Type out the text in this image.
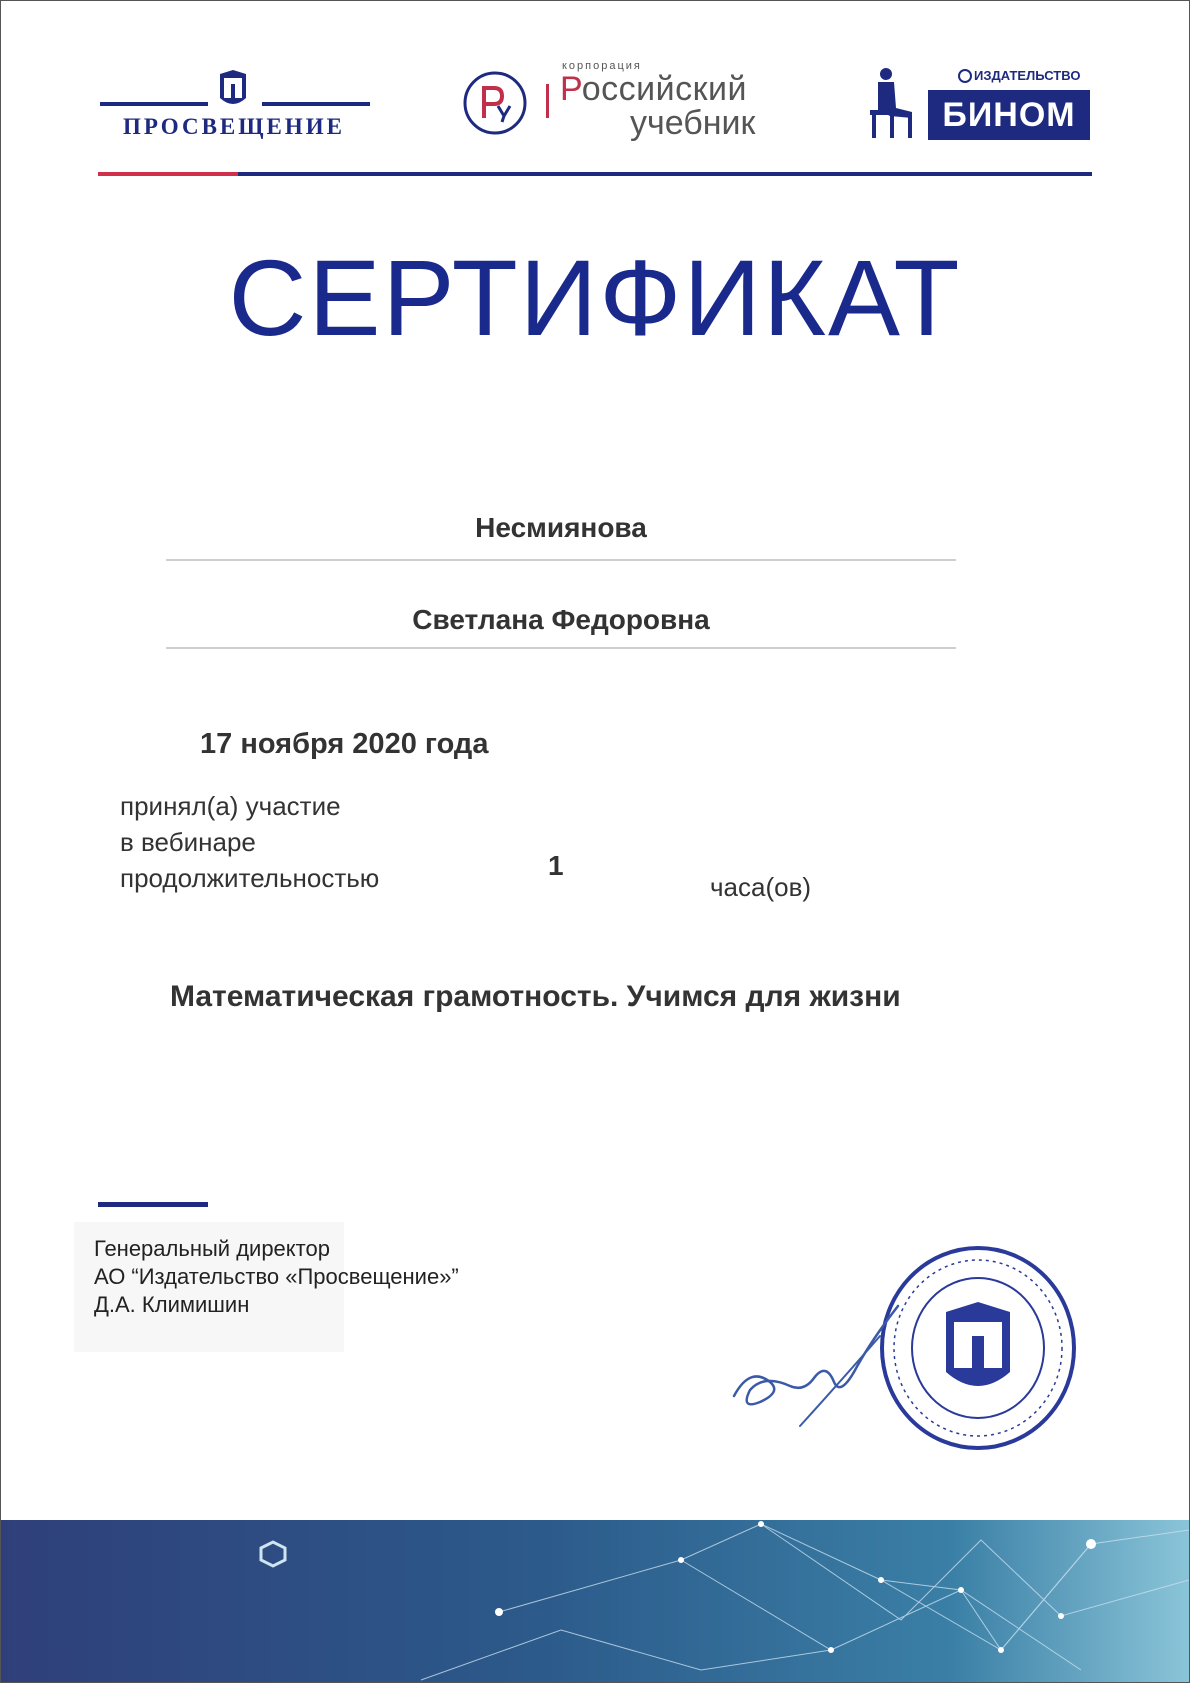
ПРОСВЕЩЕНИЕ
корпорация
Российский
учебник
ИЗДАТЕЛЬСТВО
БИНОМ
СЕРТИФИКАТ
Несмиянова
Светлана Федоровна
17 ноября 2020 года
принял(а) участие
в вебинаре
продолжительностью	1
часа(ов)
Математическая грамотность. Учимся для жизни
Генеральный директор
АО “Издательство «Просвещение»”
Д.А. Климишин
